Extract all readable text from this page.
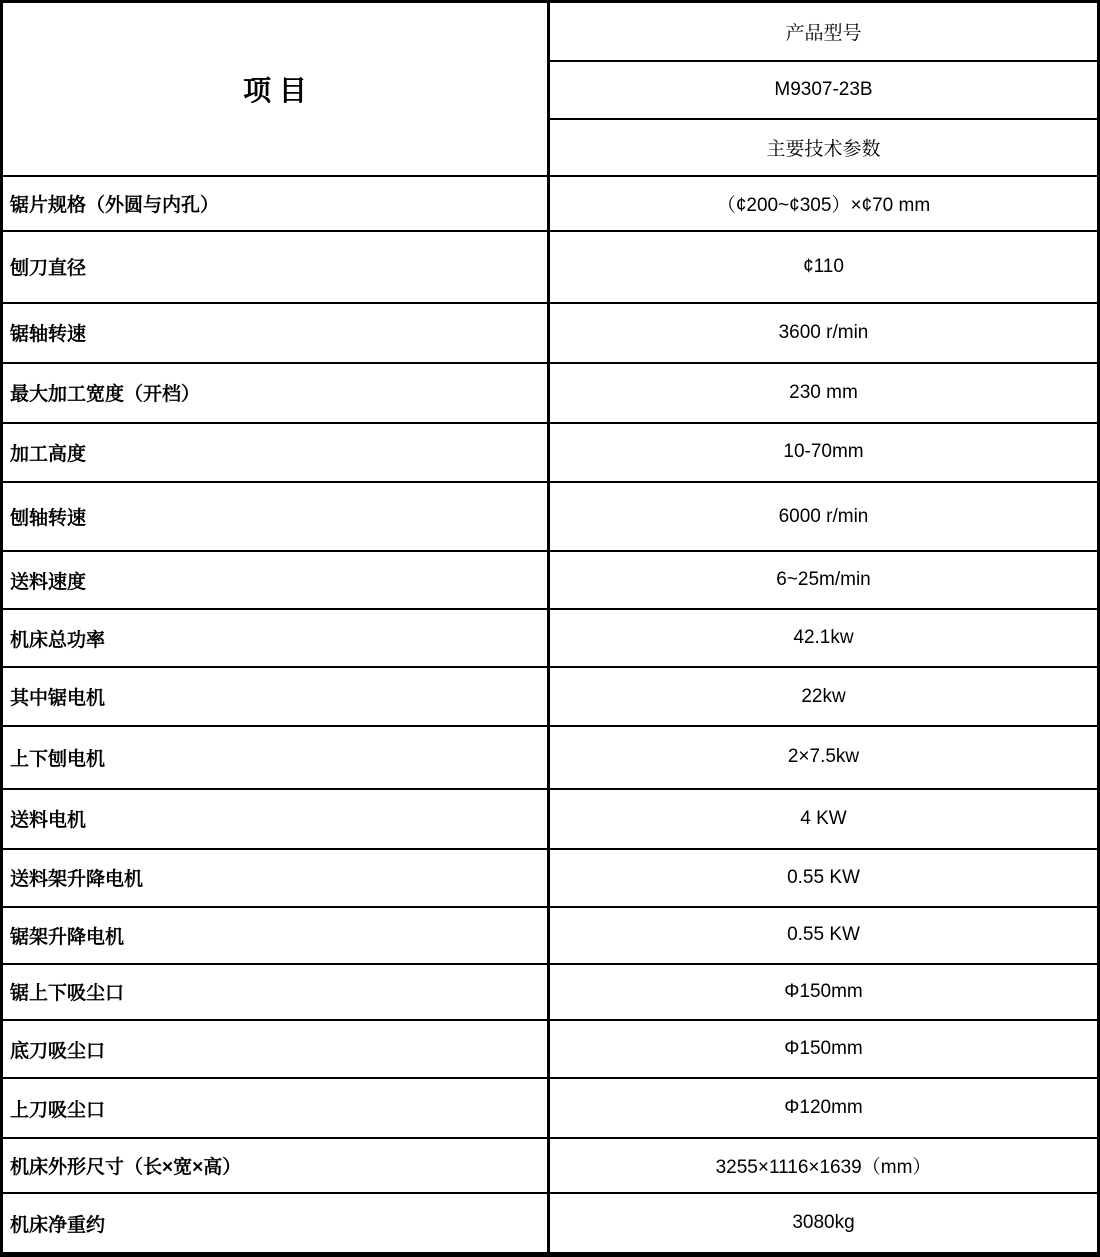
项 目
产品型号
M9307-23B
主要技术参数
锯片规格（外圆与内孔）	（¢200~¢305）×¢70 mm
刨刀直径	¢110
锯轴转速	3600 r/min
最大加工宽度（开档）	230 mm
加工高度	10-70mm
刨轴转速	6000 r/min
送料速度	6~25m/min
机床总功率	42.1kw
其中锯电机	22kw
上下刨电机	2×7.5kw
送料电机	4 KW
送料架升降电机	0.55 KW
锯架升降电机	0.55 KW
锯上下吸尘口	Φ150mm
底刀吸尘口	Φ150mm
上刀吸尘口	Φ120mm
机床外形尺寸（长×宽×高）	3255×1116×1639（mm）
机床净重约	3080kg
